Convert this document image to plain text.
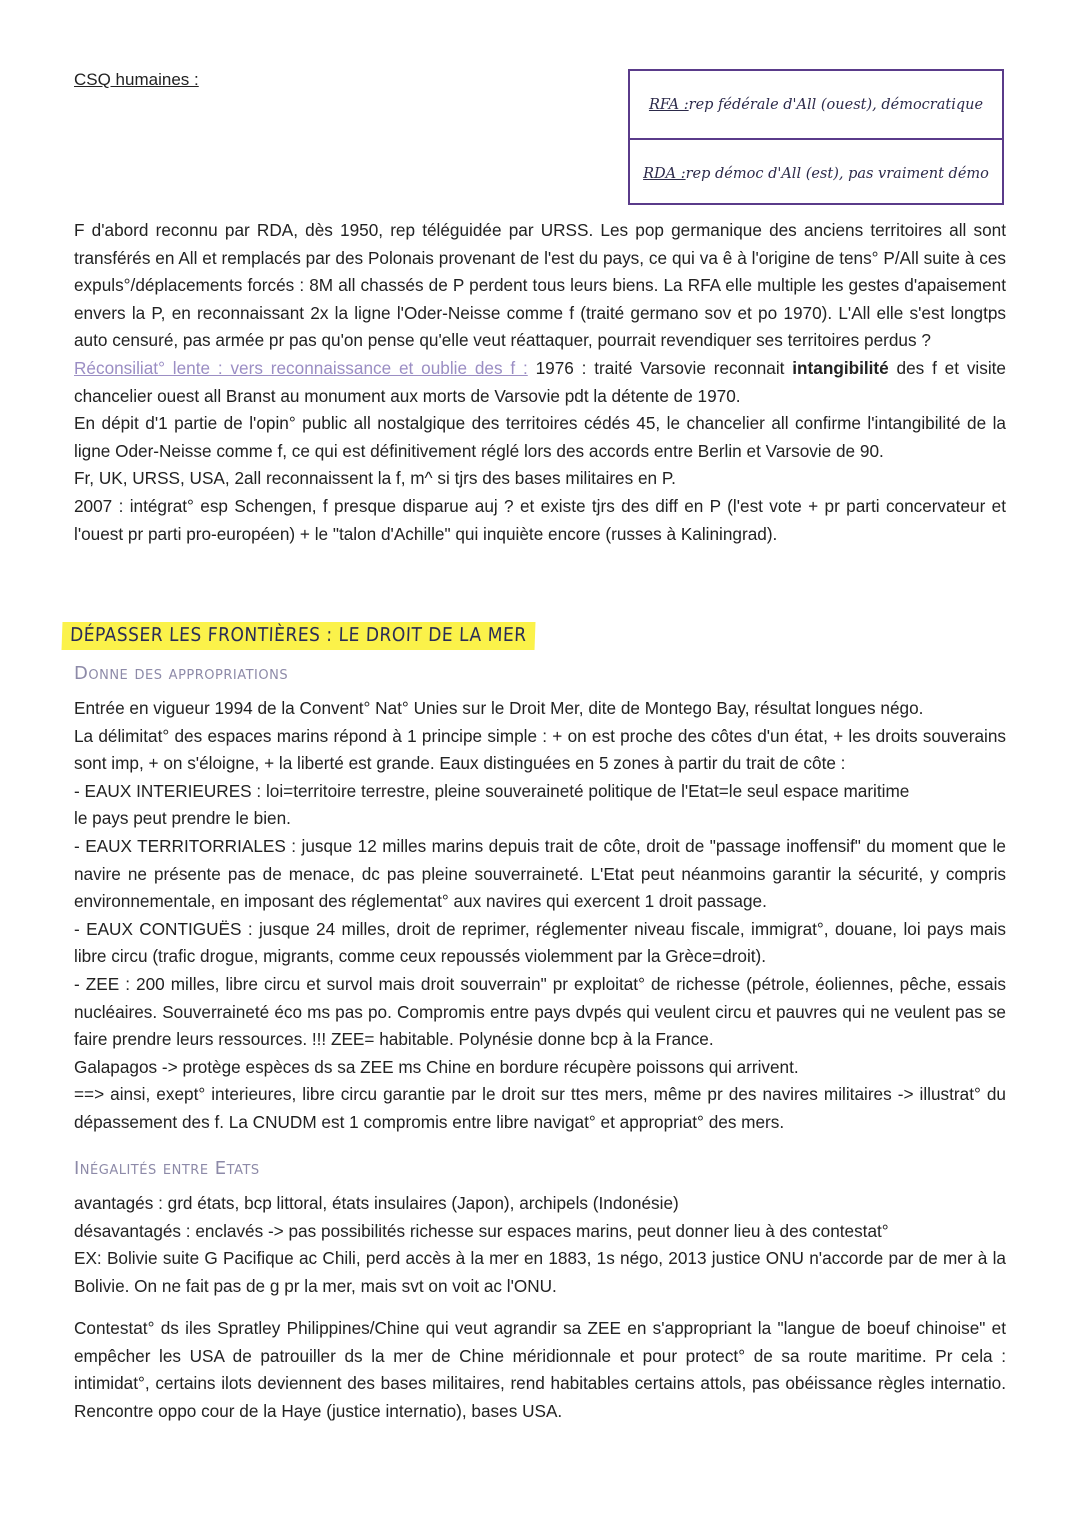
CSQ humaines :
RFA : rep fédérale d'All (ouest), démocratique
RDA : rep démoc d'All (est), pas vraiment démo

F d'abord reconnu par RDA, dès 1950, rep téléguidée par URSS. Les pop germanique des anciens territoires all sont transférés en All et remplacés par des Polonais provenant de l'est du pays, ce qui va ê à l'origine de tens° P/All suite à ces expuls°/déplacements forcés : 8M all chassés de P perdent tous leurs biens. La RFA elle multiple les gestes d'apaisement envers la P, en reconnaissant 2x la ligne l'Oder-Neisse comme f (traité germano sov et po 1970). L'All elle s'est longtps auto censuré, pas armée pr pas qu'on pense qu'elle veut réattaquer, pourrait revendiquer ses territoires perdus ?

Réconsiliat° lente : vers reconnaissance et oublie des f : 1976 : traité Varsovie reconnait intangibilité des f et visite chancelier ouest all Branst au monument aux morts de Varsovie pdt la détente de 1970.

En dépit d'1 partie de l'opin° public all nostalgique des territoires cédés 45, le chancelier all confirme l'intangibilité de la ligne Oder-Neisse comme f, ce qui est définitivement réglé lors des accords entre Berlin et Varsovie de 90.

Fr, UK, URSS, USA, 2all reconnaissent la f, m^ si tjrs des bases militaires en P.

2007 : intégrat° esp Schengen, f presque disparue auj ? et existe tjrs des diff en P (l'est vote + pr parti concervateur et l'ouest pr parti pro-européen) + le "talon d'Achille" qui inquiète encore (russes à Kaliningrad).

DÉPASSER LES FRONTIÈRES : LE DROIT DE LA MER
Donne des appropriations

Entrée en vigueur 1994 de la Convent° Nat° Unies sur le Droit Mer, dite de Montego Bay, résultat longues négo.

La délimitat° des espaces marins répond à 1 principe simple : + on est proche des côtes d'un état, + les droits souverains sont imp, + on s'éloigne, + la liberté est grande. Eaux distinguées en 5 zones à partir du trait de côte :

- EAUX INTERIEURES : loi=territoire terrestre, pleine souveraineté politique de l'Etat=le seul espace maritime

le pays peut prendre le bien.

- EAUX TERRITORRIALES : jusque 12 milles marins depuis trait de côte, droit de "passage inoffensif" du moment que le navire ne présente pas de menace, dc pas pleine souverraineté. L'Etat peut néanmoins garantir la sécurité, y compris environnementale, en imposant des réglementat° aux navires qui exercent 1 droit passage.

- EAUX CONTIGUËS : jusque 24 milles, droit de reprimer, réglementer niveau fiscale, immigrat°, douane, loi pays mais libre circu (trafic drogue, migrants, comme ceux repoussés violemment par la Grèce=droit).

- ZEE : 200 milles, libre circu et survol mais droit souverrain" pr exploitat° de richesse (pétrole, éoliennes, pêche, essais nucléaires. Souverraineté éco ms pas po. Compromis entre pays dvpés qui veulent circu et pauvres qui ne veulent pas se faire prendre leurs ressources. !!! ZEE= habitable. Polynésie donne bcp à la France.

Galapagos -> protège espèces ds sa ZEE ms Chine en bordure récupère poissons qui arrivent.

==> ainsi, exept° interieures, libre circu garantie par le droit sur ttes mers, même pr des navires militaires -> illustrat° du dépassement des f. La CNUDM est 1 compromis entre libre navigat° et appropriat° des mers.

Inégalités entre Etats

avantagés : grd états, bcp littoral, états insulaires (Japon), archipels (Indonésie)

désavantagés : enclavés -> pas possibilités richesse sur espaces marins, peut donner lieu à des contestat°

EX: Bolivie suite G Pacifique ac Chili, perd accès à la mer en 1883, 1s négo, 2013 justice ONU n'accorde par de mer à la Bolivie. On ne fait pas de g pr la mer, mais svt on voit ac l'ONU.

Contestat° ds iles Spratley Philippines/Chine qui veut agrandir sa ZEE en s'appropriant la "langue de boeuf chinoise" et empêcher les USA de patrouiller ds la mer de Chine méridionnale et pour protect° de sa route maritime. Pr cela : intimidat°, certains ilots deviennent des bases militaires, rend habitables certains attols, pas obéissance règles internatio. Rencontre oppo cour de la Haye (justice internatio), bases USA.
